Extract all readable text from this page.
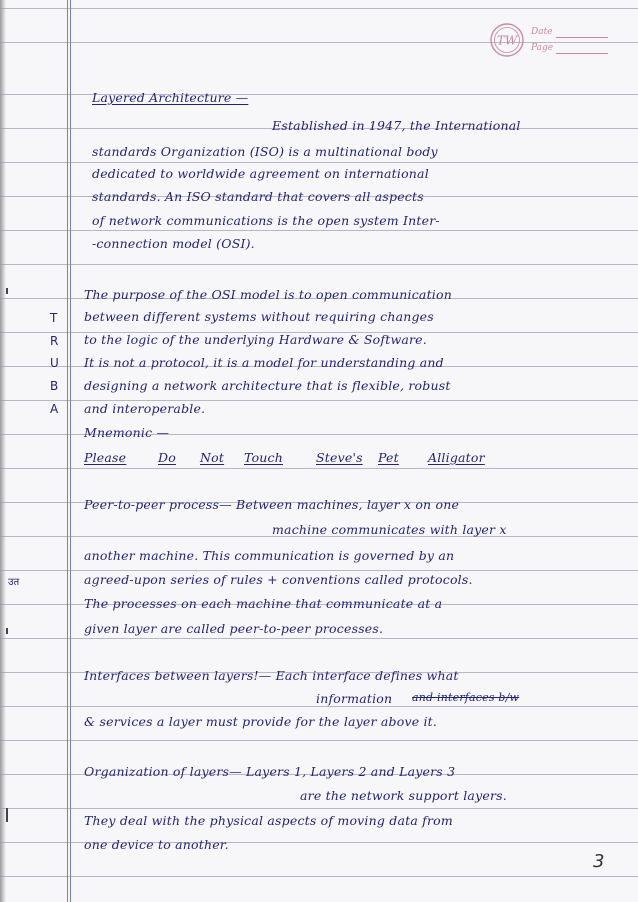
TW
Date
Page
Layered Architecture —
Established in 1947, the International
standards Organization (ISO) is a multinational body
dedicated to worldwide agreement on international
standards. An ISO standard that covers all aspects
of network communications is the open system Inter-
-connection model (OSI).
The purpose of the OSI model is to open communication
between different systems without requiring changes
to the logic of the underlying Hardware & Software.
It is not a protocol, it is a model for understanding and
designing a network architecture that is flexible, robust
and interoperable.
T
R
U
B
A
Mnemonic —
Please	Do Not Touch	Steve's Pet Alligator
Peer-to-peer process— Between machines, layer x on one
machine communicates with layer x
another machine. This communication is governed by an
agreed-upon series of rules + conventions called protocols.
The processes on each machine that communicate at a
given layer are called peer-to-peer processes.
उत
Interfaces between layers!— Each interface defines what
information and interfaces b/w
& services a layer must provide for the layer above it.
Organization of layers— Layers 1, Layers 2 and Layers 3
are the network support layers.
They deal with the physical aspects of moving data from
one device to another.
3
